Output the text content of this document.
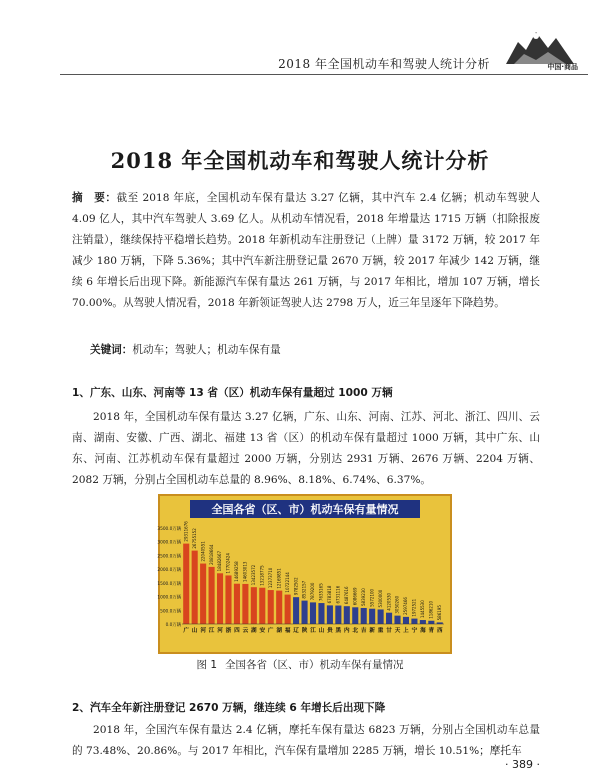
2018 年全国机动车和驾驶人统计分析	中国·商品
2018 年全国机动车和驾驶人统计分析
摘　要：截至 2018 年底，全国机动车保有量达 3.27 亿辆，其中汽车 2.4 亿辆；机动车驾驶人 4.09 亿人，其中汽车驾驶人 3.69 亿人。从机动车情况看，2018 年增量达 1715 万辆（扣除报废注销量），继续保持平稳增长趋势。2018 年新机动车注册登记（上牌）量 3172 万辆，较 2017 年减少 180 万辆，下降 5.36%；其中汽车新注册登记量 2670 万辆，较 2017 年减少 142 万辆，继续 6 年增长后出现下降。新能源汽车保有量达 261 万辆，与 2017 年相比，增加 107 万辆，增长 70.00%。从驾驶人情况看，2018 年新领证驾驶人达 2798 万人，近三年呈逐年下降趋势。
关键词：机动车；驾驶人；机动车保有量
1、广东、山东、河南等 13 省（区）机动车保有量超过 1000 万辆
2018 年，全国机动车保有量达 3.27 亿辆，广东、山东、河南、江苏、河北、浙江、四川、云南、湖南、安徽、广西、湖北、福建 13 省（区）的机动车保有量超过 1000 万辆，其中广东、山东、河南、江苏机动车保有量超过 2000 万辆，分别达 2931 万辆、2676 万辆、2204 万辆、2082 万辆，分别占全国机动车总量的 8.96%、8.18%、6.74%、6.37%。
全国各省（区、市）机动车保有量情况
0.0万辆
500.0万辆
1000.0万辆
1500.0万辆
2000.0万辆
2500.0万辆
3000.0万辆
3500.0万辆 29311676
广
26755152
山
22040551
河
20818664
江
18482667
河
17702424
浙
14689258
四
14603013
云
13423572
湖
13218775
安
12373710
广
12169851
湖
10722144
福
9782502
辽
8532157
陕
7879200
江
7635165
山
6783818
贵
6731116
黑
6487616
内
6086669
北
5839230
吉
5572100
新
5300000
重
4120530
甘
3050260
天
2597466
上
1972521
宁
1445530
海
1186210
青
586195
西
图 1 全国各省（区、市）机动车保有量情况
2、汽车全年新注册登记 2670 万辆，继连续 6 年增长后出现下降
2018 年，全国汽车保有量达 2.4 亿辆，摩托车保有量达 6823 万辆，分别占全国机动车总量的 73.48%、20.86%。与 2017 年相比，汽车保有量增加 2285 万辆，增长 10.51%；摩托车
· 389 ·
